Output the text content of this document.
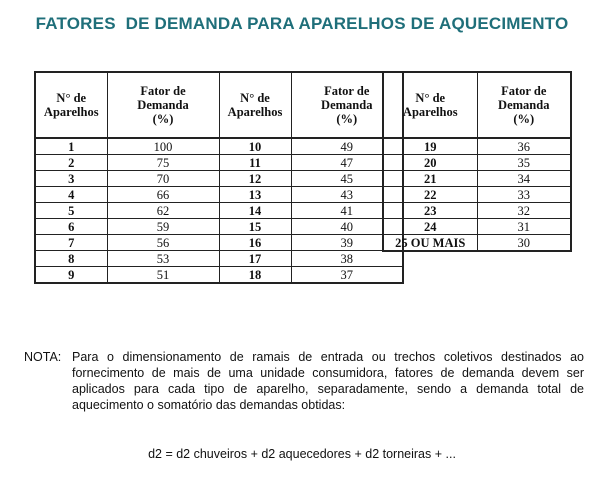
FATORES  DE DEMANDA PARA APARELHOS DE AQUECIMENTO
N° de
Aparelhos	Fator de
Demanda
(%)	N° de
Aparelhos	Fator de
Demanda
(%)
1	100	10	49
2	75	11	47
3	70	12	45
4	66	13	43
5	62	14	41
6	59	15	40
7	56	16	39
8	53	17	38
9	51	18	37
N° de
Aparelhos	Fator de
Demanda
(%)
19	36
20	35
21	34
22	33
23	32
24	31
25 OU MAIS	30
NOTA: Para o dimensionamento de ramais de entrada ou trechos coletivos destinados ao fornecimento de mais de uma unidade consumidora, fatores de demanda devem ser aplicados para cada tipo de aparelho, separadamente, sendo a demanda total de aquecimento o somatório das demandas obtidas:
d2 = d2 chuveiros + d2 aquecedores + d2 torneiras + ...
